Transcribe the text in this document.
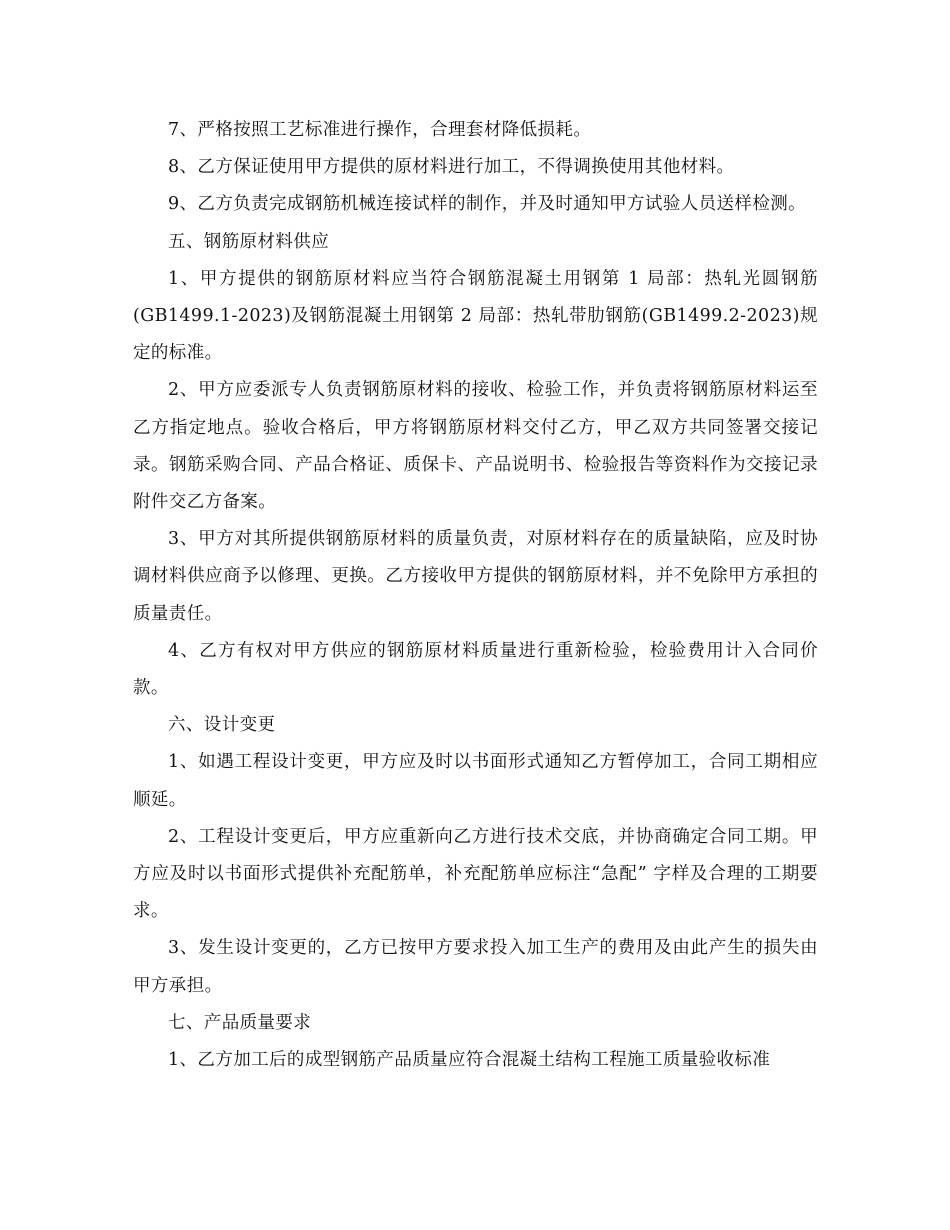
7、严格按照工艺标准进行操作，合理套材降低损耗。

8、乙方保证使用甲方提供的原材料进行加工，不得调换使用其他材料。

9、乙方负责完成钢筋机械连接试样的制作，并及时通知甲方试验人员送样检测。

五、钢筋原材料供应

1、甲方提供的钢筋原材料应当符合钢筋混凝土用钢第 1 局部：热轧光圆钢筋(GB1499.1-2023)及钢筋混凝土用钢第 2 局部：热轧带肋钢筋(GB1499.2-2023)规定的标准。

2、甲方应委派专人负责钢筋原材料的接收、检验工作，并负责将钢筋原材料运至乙方指定地点。验收合格后，甲方将钢筋原材料交付乙方，甲乙双方共同签署交接记录。钢筋采购合同、产品合格证、质保卡、产品说明书、检验报告等资料作为交接记录附件交乙方备案。

3、甲方对其所提供钢筋原材料的质量负责，对原材料存在的质量缺陷，应及时协调材料供应商予以修理、更换。乙方接收甲方提供的钢筋原材料，并不免除甲方承担的质量责任。

4、乙方有权对甲方供应的钢筋原材料质量进行重新检验，检验费用计入合同价款。

六、设计变更

1、如遇工程设计变更，甲方应及时以书面形式通知乙方暂停加工，合同工期相应顺延。

2、工程设计变更后，甲方应重新向乙方进行技术交底，并协商确定合同工期。甲方应及时以书面形式提供补充配筋单，补充配筋单应标注“急配” 字样及合理的工期要求。

3、发生设计变更的，乙方已按甲方要求投入加工生产的费用及由此产生的损失由甲方承担。

七、产品质量要求

1、乙方加工后的成型钢筋产品质量应符合混凝土结构工程施工质量验收标准
